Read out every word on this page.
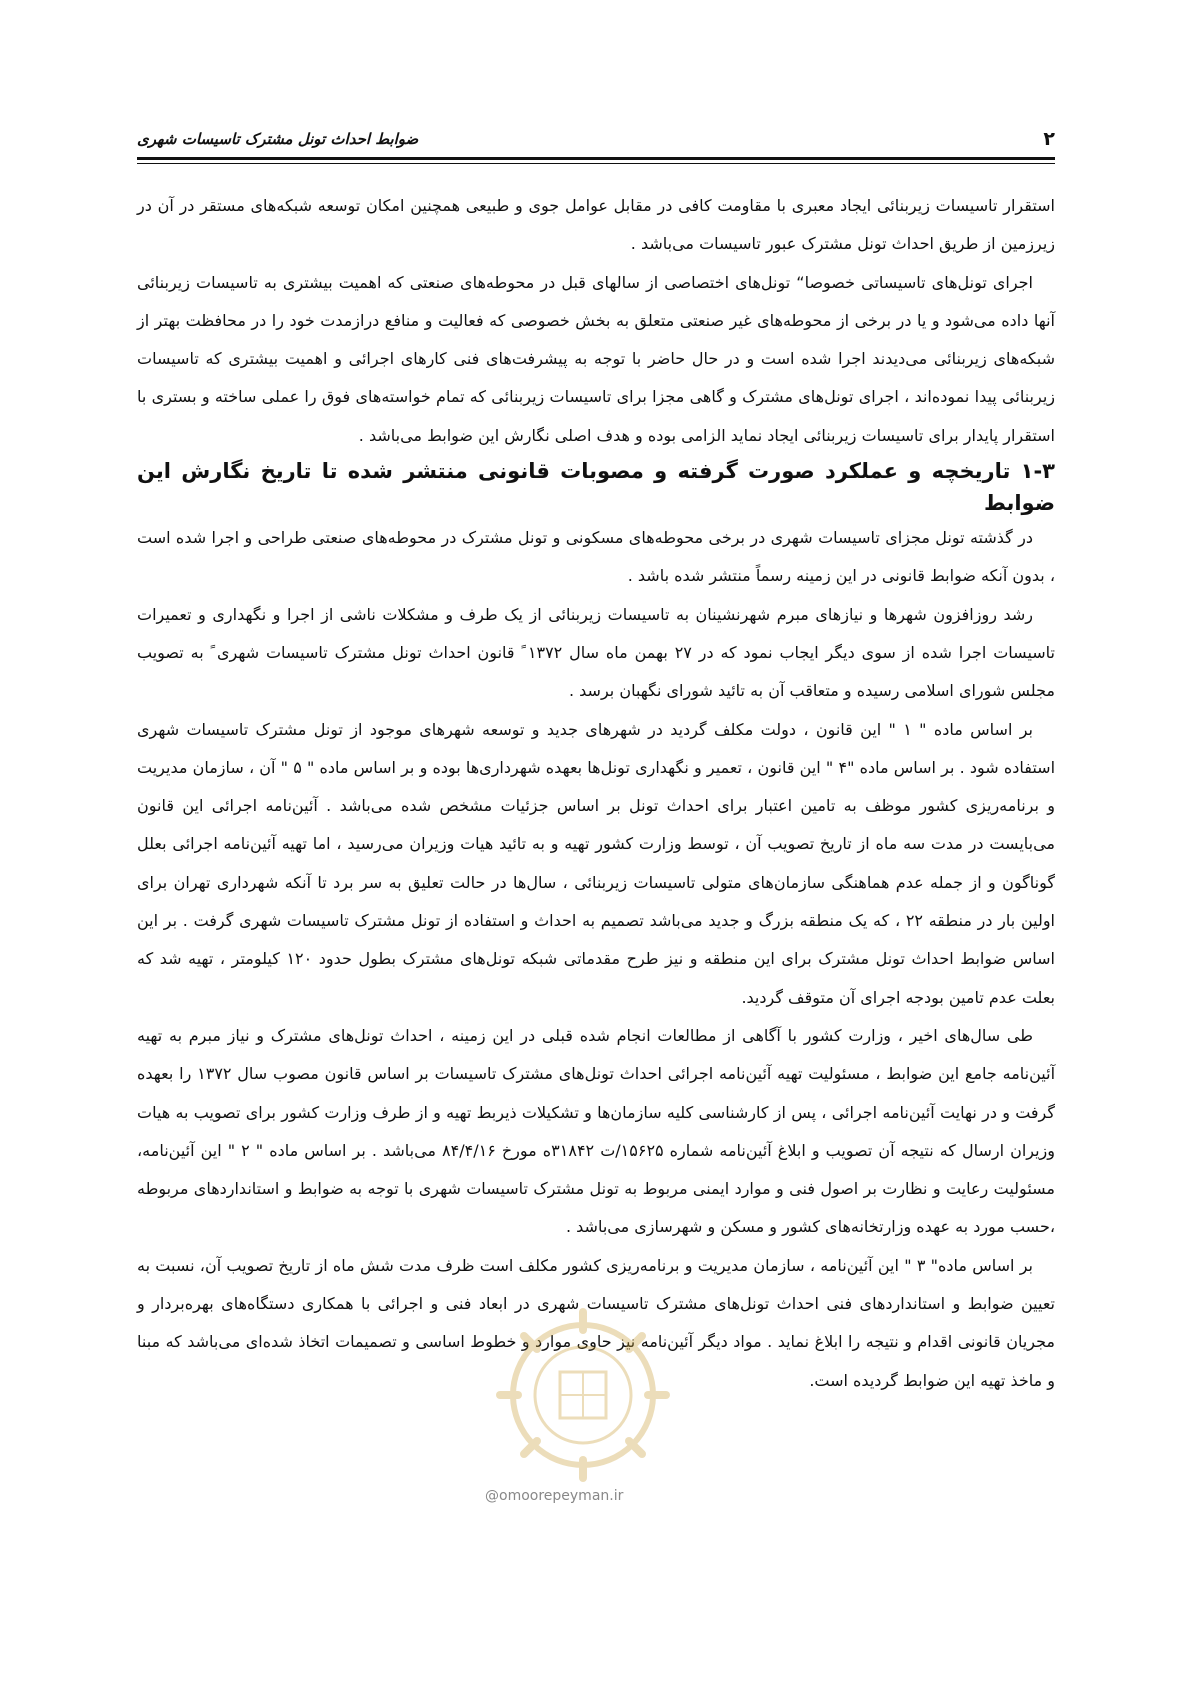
۲
ضوابط احداث تونل مشترک تاسیسات شهری

استقرار تاسیسات زیربنائی ایجاد معبری با مقاومت کافی در مقابل عوامل جوی و طبیعی همچنین امکان توسعه شبکه‌های مستقر در آن در زیرزمین از طریق احداث تونل مشترک عبور تاسیسات می‌باشد .

اجرای تونل‌های تاسیساتی خصوصا“ تونل‌های اختصاصی از سالهای قبل در محوطه‌های صنعتی که اهمیت بیشتری به تاسیسات زیربنائی آنها داده می‌شود و یا در برخی از محوطه‌های غیر صنعتی متعلق به بخش خصوصی که فعالیت و منافع درازمدت خود را در محافظت بهتر از شبکه‌های زیربنائی می‌دیدند اجرا شده است و در حال حاضر با توجه به پیشرفت‌های فنی کارهای اجرائی و اهمیت بیشتری که تاسیسات زیربنائی پیدا نموده‌اند ، اجرای تونل‌های مشترک و گاهی مجزا برای تاسیسات زیربنائی که تمام خواسته‌های فوق را عملی ساخته و بستری با استقرار پایدار برای تاسیسات زیربنائی ایجاد نماید الزامی بوده و هدف اصلی نگارش این ضوابط می‌باشد .

۱-۳ تاریخچه و عملکرد صورت گرفته و مصوبات قانونی منتشر شده تا تاریخ نگارش این ضوابط

در گذشته تونل مجزای تاسیسات شهری در برخی محوطه‌های مسکونی و تونل مشترک در محوطه‌های صنعتی طراحی و اجرا شده است ، بدون آنکه ضوابط قانونی در این زمینه رسماً منتشر شده باشد .

رشد روزافزون شهرها و نیازهای مبرم شهرنشینان به تاسیسات زیربنائی از یک طرف و مشکلات ناشی از اجرا و نگهداری و تعمیرات تاسیسات اجرا شده از سوی دیگر ایجاب نمود که در ۲۷ بهمن ماه سال ۱۳۷۲ ً قانون احداث تونل مشترک تاسیسات شهری ً به تصویب مجلس شورای اسلامی رسیده و متعاقب آن به تائید شورای نگهبان برسد .

بر اساس ماده " ۱ " این قانون ، دولت مکلف گردید در شهرهای جدید و توسعه شهرهای موجود از تونل مشترک تاسیسات شهری استفاده شود . بر اساس ماده "۴ " این قانون ، تعمیر و نگهداری تونل‌ها بعهده شهرداری‌ها بوده و بر اساس ماده " ۵ " آن ، سازمان مدیریت و برنامه‌ریزی کشور موظف به تامین اعتبار برای احداث تونل بر اساس جزئیات مشخص شده می‌باشد . آئین‌نامه اجرائی این قانون می‌بایست در مدت سه ماه از تاریخ تصویب آن ، توسط وزارت کشور تهیه و به تائید هیات وزیران می‌رسید ، اما تهیه آئین‌نامه اجرائی بعلل گوناگون و از جمله عدم هماهنگی سازمان‌های متولی تاسیسات زیربنائی ، سال‌ها در حالت تعلیق به سر برد تا آنکه شهرداری تهران برای اولین بار در منطقه ۲۲ ، که یک منطقه بزرگ و جدید می‌باشد تصمیم به احداث و استفاده از تونل مشترک تاسیسات شهری گرفت . بر این اساس ضوابط احداث تونل مشترک برای این منطقه و نیز طرح مقدماتی شبکه تونل‌های مشترک بطول حدود ۱۲۰ کیلومتر ، تهیه شد که بعلت عدم تامین بودجه اجرای آن متوقف گردید.

طی سال‌های اخیر ، وزارت کشور با آگاهی از مطالعات انجام شده قبلی در این زمینه ، احداث تونل‌های مشترک و نیاز مبرم به تهیه آئین‌نامه جامع این ضوابط ، مسئولیت تهیه آئین‌نامه اجرائی احداث تونل‌های مشترک تاسیسات بر اساس قانون مصوب سال ۱۳۷۲ را بعهده گرفت و در نهایت آئین‌نامه اجرائی ، پس از کارشناسی کلیه سازمان‌ها و تشکیلات ذیربط تهیه و از طرف وزارت کشور برای تصویب به هیات وزیران ارسال که نتیجه آن تصویب و ابلاغ آئین‌نامه شماره ۱۵۶۲۵/ت ۳۱۸۴۲ه مورخ ۸۴/۴/۱۶ می‌باشد . بر اساس ماده " ۲ " این آئین‌نامه، مسئولیت رعایت و نظارت بر اصول فنی و موارد ایمنی مربوط به تونل مشترک تاسیسات شهری با توجه به ضوابط و استانداردهای مربوطه ،حسب مورد به عهده وزارتخانه‌های کشور و مسکن و شهرسازی می‌باشد .

بر اساس ماده" ۳ " این آئین‌نامه ، سازمان مدیریت و برنامه‌ریزی کشور مکلف است ظرف مدت شش ماه از تاریخ تصویب آن، نسبت به تعیین ضوابط و استانداردهای فنی احداث تونل‌های مشترک تاسیسات شهری در ابعاد فنی و اجرائی با همکاری دستگاه‌های بهره‌بردار و مجریان قانونی اقدام و نتیجه را ابلاغ نماید . مواد دیگر آئین‌نامه نیز حاوی موارد و خطوط اساسی و تصمیمات اتخاذ شده‌ای می‌باشد که مبنا و ماخذ تهیه این ضوابط گردیده است.

@omoorepeyman.ir
